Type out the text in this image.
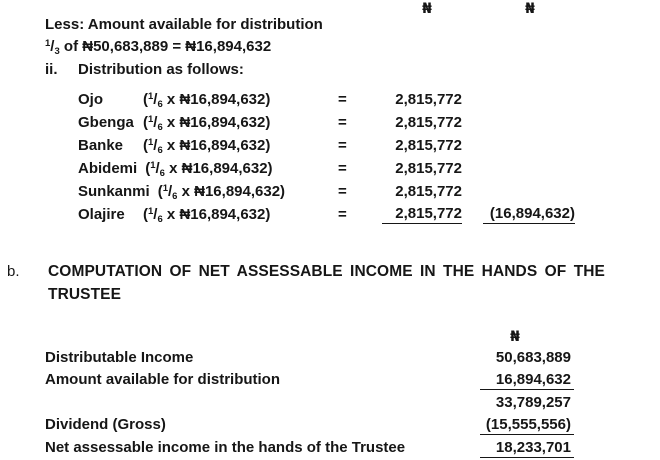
₦	₦
Less: Amount available for distribution
$^1$/3 of ₦50,683,889 = ₦16,894,632
ii. Distribution as follows:
Ojo	($^1$/6 x ₦16,894,632)	=	2,815,772
Gbenga ($^1$/6 x ₦16,894,632)	=	2,815,772
Banke ($^1$/6 x ₦16,894,632)	=	2,815,772
Abidemi ($^1$/6 x ₦16,894,632)	=	2,815,772
Sunkanmi ($^1$/6 x ₦16,894,632)	=	2,815,772
Olajire ($^1$/6 x ₦16,894,632)	=	2,815,772	(16,894,632)
b. COMPUTATION OF NET ASSESSABLE INCOME IN THE HANDS OF THE
TRUSTEE
₦
Distributable Income	50,683,889
Amount available for distribution	16,894,632
33,789,257
Dividend (Gross)	(15,555,556)
Net assessable income in the hands of the Trustee	18,233,701
